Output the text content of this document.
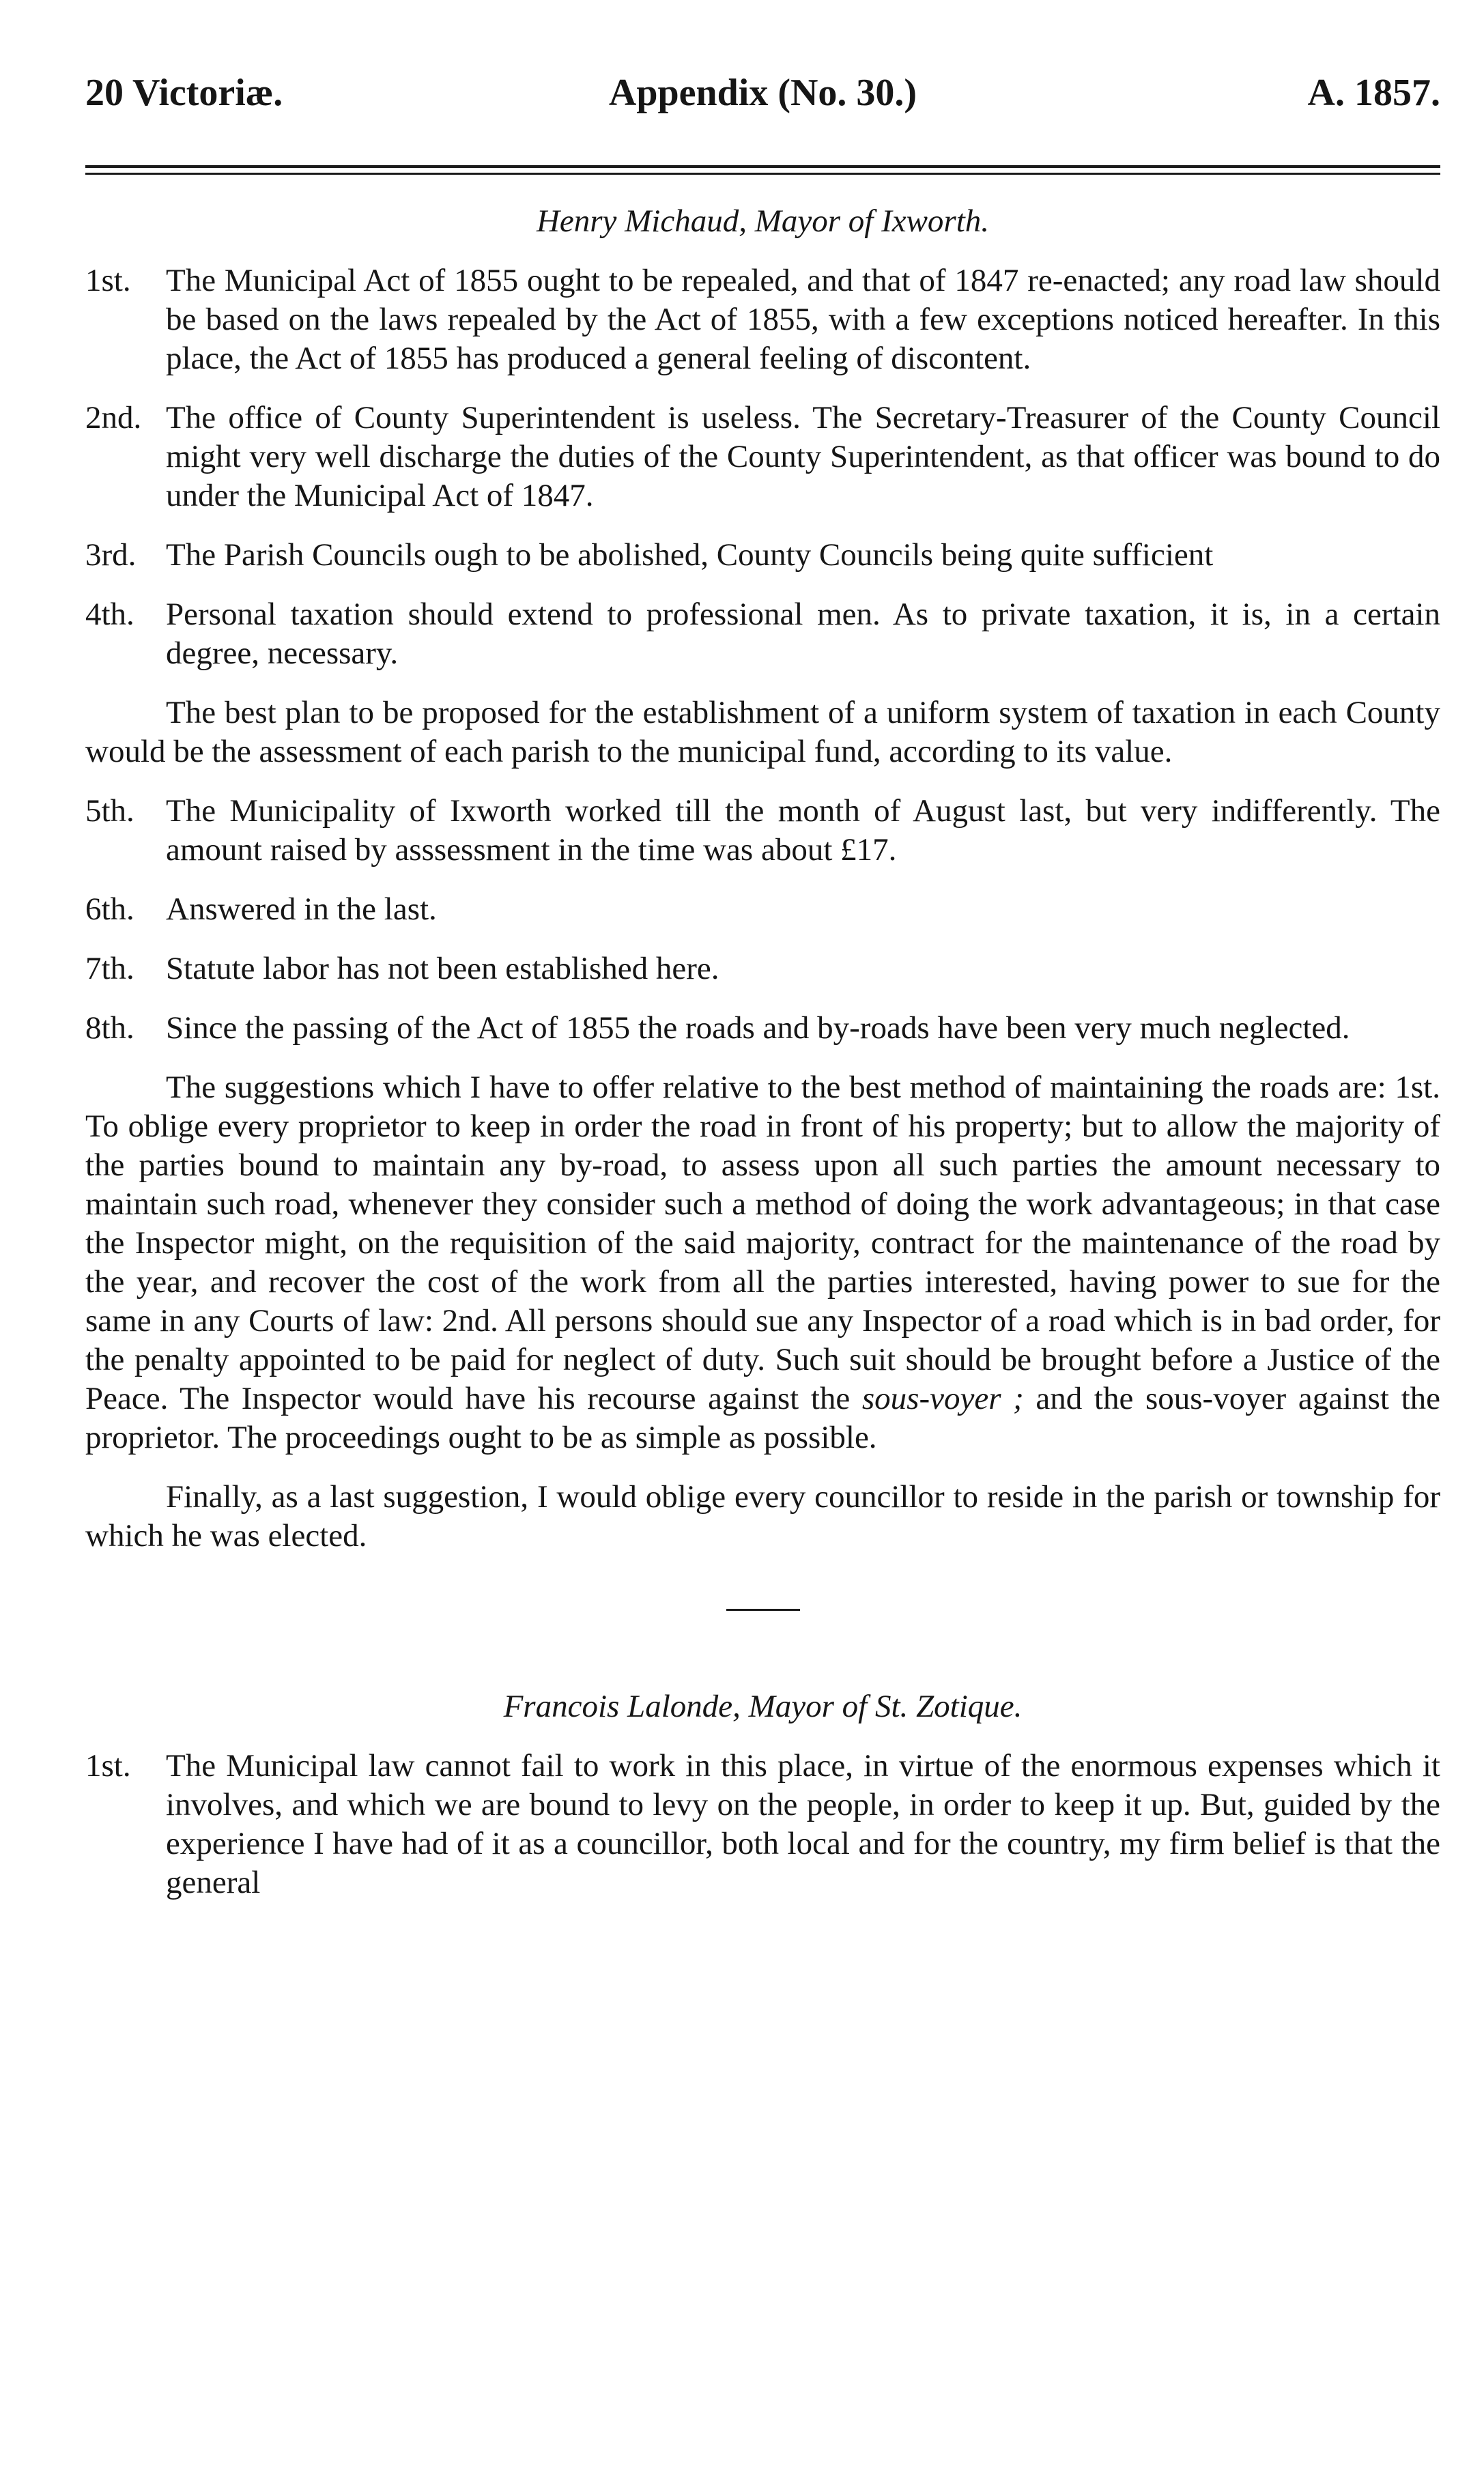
20 Victoriæ.	Appendix (No. 30.)	A. 1857.
Henry Michaud, Mayor of Ixworth.

1st. The Municipal Act of 1855 ought to be repealed, and that of 1847 re-enacted; any road law should be based on the laws repealed by the Act of 1855, with a few exceptions noticed hereafter. In this place, the Act of 1855 has produced a general feeling of discontent.

2nd. The office of County Superintendent is useless. The Secretary-Treasurer of the County Council might very well discharge the duties of the County Superintendent, as that officer was bound to do under the Municipal Act of 1847.

3rd. The Parish Councils ough to be abolished, County Councils being quite sufficient

4th. Personal taxation should extend to professional men. As to private taxation, it is, in a certain degree, necessary.

The best plan to be proposed for the establishment of a uniform system of taxation in each County would be the assessment of each parish to the municipal fund, according to its value.

5th. The Municipality of Ixworth worked till the month of August last, but very indifferently. The amount raised by asssessment in the time was about £17.

6th. Answered in the last.

7th. Statute labor has not been established here.

8th. Since the passing of the Act of 1855 the roads and by-roads have been very much neglected.

The suggestions which I have to offer relative to the best method of maintaining the roads are: 1st. To oblige every proprietor to keep in order the road in front of his property; but to allow the majority of the parties bound to maintain any by-road, to assess upon all such parties the amount necessary to maintain such road, whenever they consider such a method of doing the work advantageous; in that case the Inspector might, on the requisition of the said majority, contract for the maintenance of the road by the year, and recover the cost of the work from all the parties interested, having power to sue for the same in any Courts of law: 2nd. All persons should sue any Inspector of a road which is in bad order, for the penalty appointed to be paid for neglect of duty. Such suit should be brought before a Justice of the Peace. The Inspector would have his recourse against the sous-voyer ; and the sous-voyer against the proprietor. The proceedings ought to be as simple as possible.

Finally, as a last suggestion, I would oblige every councillor to reside in the parish or township for which he was elected.

Francois Lalonde, Mayor of St. Zotique.

1st. The Municipal law cannot fail to work in this place, in virtue of the enormous expenses which it involves, and which we are bound to levy on the people, in order to keep it up. But, guided by the experience I have had of it as a councillor, both local and for the country, my firm belief is that the general
